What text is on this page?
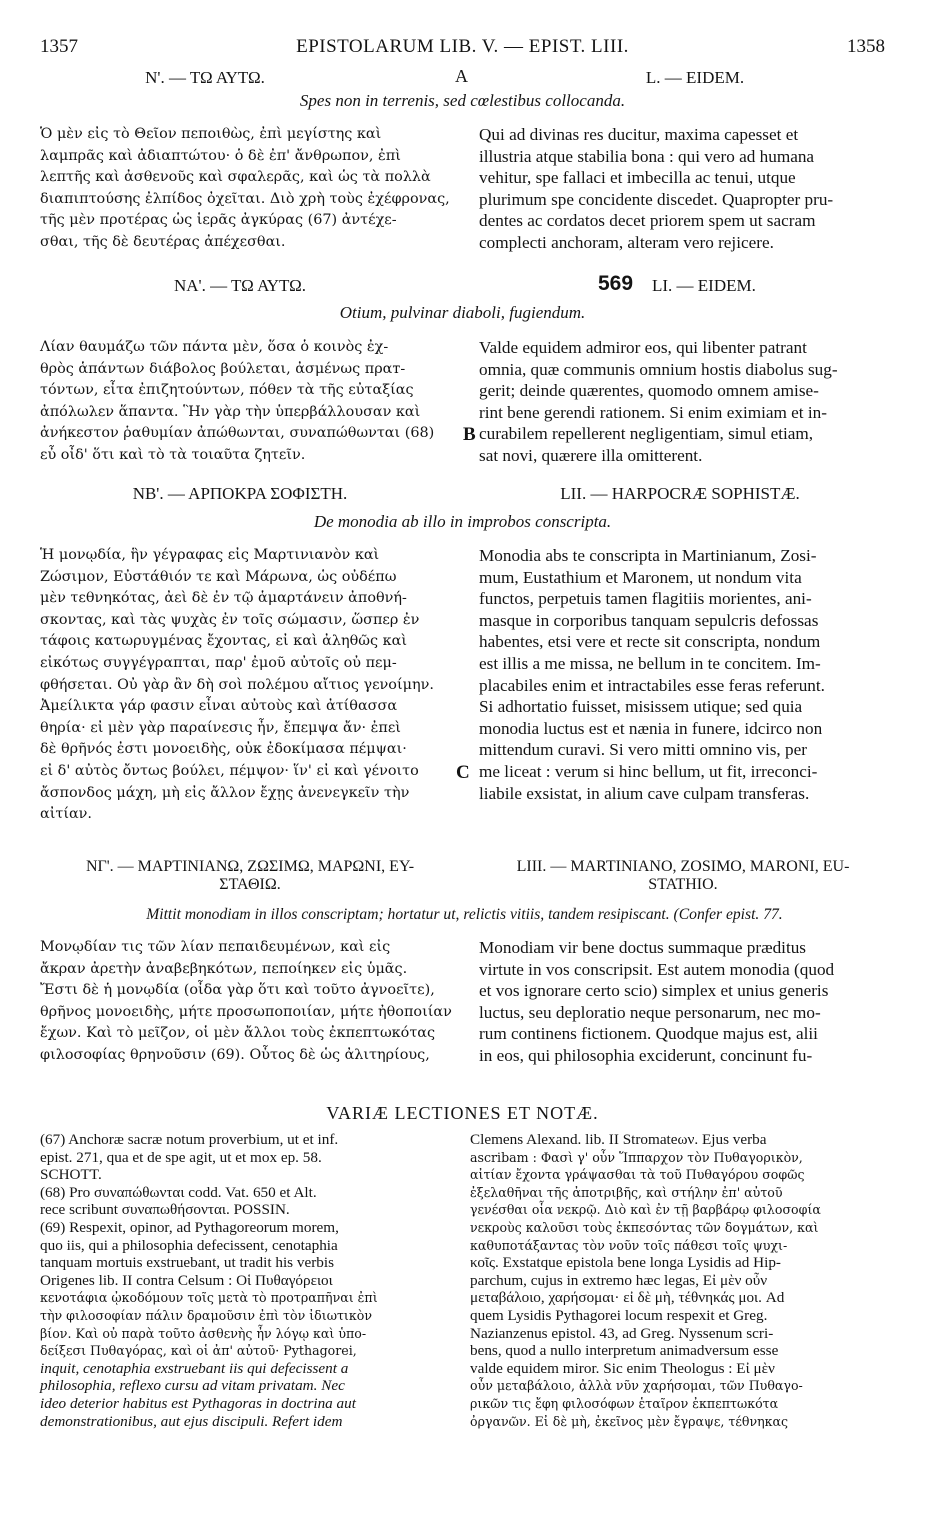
1357	EPISTOLARUM LIB. V. — EPIST. LIII.	1358
Ν'. — ΤΩ ΑΥΤΩ.	A	L. — EIDEM.
Spes non in terrenis, sed cœlestibus collocanda.
Ὁ μὲν εἰς τὸ Θεῖον πεποιθὼς, ἐπὶ μεγίστης καὶ
λαμπρᾶς καὶ ἀδιαπτώτου· ὁ δὲ ἐπ' ἄνθρωπον, ἐπὶ
λεπτῆς καὶ ἀσθενοῦς καὶ σφαλερᾶς, καὶ ὡς τὰ πολλὰ
διαπιπτούσης ἐλπίδος ὀχεῖται. Διὸ χρὴ τοὺς ἐχέφρονας,
τῆς μὲν προτέρας ὡς ἱερᾶς ἀγκύρας (67) ἀντέχε-
σθαι, τῆς δὲ δευτέρας ἀπέχεσθαι.
Qui ad divinas res ducitur, maxima capesset et
illustria atque stabilia bona : qui vero ad humana
vehitur, spe fallaci et imbecilla ac tenui, utque
plurimum spe concidente discedet. Quapropter pru-
dentes ac cordatos decet priorem spem ut sacram
complecti anchoram, alteram vero rejicere.
ΝΑ'. — ΤΩ ΑΥΤΩ.	569 LI. — EIDEM.
Otium, pulvinar diaboli, fugiendum.
Λίαν θαυμάζω τῶν πάντα μὲν, ὅσα ὁ κοινὸς ἐχ-
θρὸς ἁπάντων διάβολος βούλεται, ἀσμένως πραт-
τόντων, εἶτα ἐπιζητούντων, πόθεν τὰ τῆς εὐταξίας
ἀπόλωλεν ἅπαντα. Ἣν γὰρ τὴν ὑπερβάλλουσαν καὶ
ἀνήκεστον ῥαθυμίαν ἀπώθωνται, συναπώθωνται (68)
εὖ οἶδ' ὅτι καὶ τὸ τὰ τοιαῦτα ζητεῖν.
B
Valde equidem admiror eos, qui libenter patrant
omnia, quæ communis omnium hostis diabolus sug-
gerit; deinde quærentes, quomodo omnem amise-
rint bene gerendi rationem. Si enim eximiam et in-
curabilem repellerent negligentiam, simul etiam,
sat novi, quærere illa omitterent.
ΝΒ'. — ΑΡΠΟΚΡΑ ΣΟΦΙΣΤΗ.	LII. — HARPOCRÆ SOPHISTÆ.
De monodia ab illo in improbos conscripta.
Ἡ μονῳδία, ἣν γέγραφας εἰς Μαρτινιανὸν καὶ
Ζώσιμον, Εὐστάθιόν τε καὶ Μάρωνα, ὡς οὐδέπω
μὲν τεθνηκότας, ἀεὶ δὲ ἐν τῷ ἁμαρτάνειν ἀποθνή-
σκοντας, καὶ τὰς ψυχὰς ἐν τοῖς σώμασιν, ὥσπερ ἐν
τάφοις κατωρυγμένας ἔχοντας, εἰ καὶ ἀληθῶς καὶ
εἰκότως συγγέγραπται, παρ' ἐμοῦ αὐτοῖς οὐ πεμ-
φθήσεται. Οὐ γὰρ ἂν δὴ σοὶ πολέμου αἴτιος γενοίμην.
Ἀμείλικτα γάρ φασιν εἶναι αὐτοὺς καὶ ἀτίθασσα
θηρία· εἰ μὲν γὰρ παραίνεσις ἦν, ἔπεμψα ἄν· ἐπεὶ
δὲ θρῆνός ἐστι μονοειδὴς, οὐκ ἐδοκίμασα πέμψαι·
εἰ δ' αὐτὸς ὄντως βούλει, πέμψον· ἵν' εἰ καὶ γένοιτο
ἄσπονδος μάχη, μὴ εἰς ἄλλον ἔχῃς ἀνενεγκεῖν τὴν
αἰτίαν.
C
Monodia abs te conscripta in Martinianum, Zosi-
mum, Eustathium et Maronem, ut nondum vita
functos, perpetuis tamen flagitiis morientes, ani-
masque in corporibus tanquam sepulcris defossas
habentes, etsi vere et recte sit conscripta, nondum
est illis a me missa, ne bellum in te concitem. Im-
placabiles enim et intractabiles esse feras referunt.
Si adhortatio fuisset, misissem utique; sed quia
monodia luctus est et nænia in funere, idcirco non
mittendum curavi. Si vero mitti omnino vis, per
me liceat : verum si hinc bellum, ut fit, irreconci-
liabile exsistat, in alium cave culpam transferas.
ΝΓ'. — ΜΑΡΤΙΝΙΑΝΩ, ΖΩΣΙΜΩ, ΜΑΡΩΝΙ, ΕΥ-
ΣΤΑΘΙΩ.
LIII. — MARTINIANO, ZOSIMO, MARONI, EU-
STATHIO.
Mittit monodiam in illos conscriptam; hortatur ut, relictis vitiis, tandem resipiscant. (Confer epist. 77.
Μονῳδίαν τις τῶν λίαν πεπαιδευμένων, καὶ εἰς
ἄκραν ἀρετὴν ἀναβεβηκότων, πεποίηκεν εἰς ὑμᾶς.
Ἔστι δὲ ἡ μονῳδία (οἶδα γὰρ ὅτι καὶ τοῦτο ἀγνοεῖτε),
θρῆνος μονοειδὴς, μήτε προσωποποιίαν, μήτε ἠθοποιίαν
ἔχων. Καὶ τὸ μεῖζον, οἱ μὲν ἄλλοι τοὺς ἐκπεπτωκότας
φιλοσοφίας θρηνοῦσιν (69). Οὗτος δὲ ὡς ἀλιτηρίους,
Monodiam vir bene doctus summaque præditus
virtute in vos conscripsit. Est autem monodia (quod
et vos ignorare certo scio) simplex et unius generis
luctus, seu deploratio neque personarum, nec mo-
rum continens fictionem. Quodque majus est, alii
in eos, qui philosophia exciderunt, concinunt fu-
VARIÆ LECTIONES ET NOTÆ.
(67) Anchoræ sacræ notum proverbium, ut et inf.
epist. 271, qua et de spe agit, ut et mox ep. 58.
SCHOTT.
(68) Pro συναπώθωνται codd. Vat. 650 et Alt.
rece scribunt συναπωθήσονται. POSSIN.
(69) Respexit, opinor, ad Pythagoreorum morem,
quo iis, qui a philosophia defecissent, cenotaphia
tanquam mortuis exstruebant, ut tradit his verbis
Origenes lib. II contra Celsum : Οἱ Πυθαγόρειοι
κενοτάφια ᾠκοδόμουν τοῖς μετὰ τὸ προτραπῆναι ἐπὶ
τὴν φιλοσοφίαν πάλιν δραμοῦσιν ἐπὶ τὸν ἰδιωτικὸν
βίον. Καὶ οὐ παρὰ τοῦτο ἀσθενὴς ἦν λόγῳ καὶ ὑπο-
δείξεσι Πυθαγόρας, καὶ οἱ ἀπ' αὐτοῦ· Pythagorei,
inquit, cenotaphia exstruebant iis qui defecissent a
philosophia, reflexo cursu ad vitam privatam. Nec
ideo deterior habitus est Pythagoras in doctrina aut
demonstrationibus, aut ejus discipuli. Refert idem
Clemens Alexand. lib. II Stromateων. Ejus verba
ascribam : Φασὶ γ' οὖν Ἵππαρχον τὸν Πυθαγορικὸν,
αἰτίαν ἔχοντα γράψασθαι τὰ τοῦ Πυθαγόρου σοφῶς
ἐξελαθῆναι τῆς ἀποτριβῆς, καὶ στήλην ἐπ' αὐτοῦ
γενέσθαι οἷα νεκρῷ. Διὸ καὶ ἐν τῇ βαρβάρῳ φιλοσοφία
νεκροὺς καλοῦσι τοὺς ἐκπεσόντας τῶν δογμάτων, καὶ
καθυποτάξαντας τὸν νοῦν τοῖς πάθεσι τοῖς ψυχι-
κοῖς. Exstatque epistola bene longa Lysidis ad Hip-
parchum, cujus in extremo hæc legas, Εἰ μὲν οὖν
μεταβάλοιο, χαρήσομαι· εἰ δὲ μὴ, τέθνηκάς μοι. Ad
quem Lysidis Pythagorei locum respexit et Greg.
Nazianzenus epistol. 43, ad Greg. Nyssenum scri-
bens, quod a nullo interpretum animadversum esse
valde equidem miror. Sic enim Theologus : Εἰ μὲν
οὖν μεταβάλοιο, ἀλλὰ νῦν χαρήσομαι, τῶν Πυθαγο-
ρικῶν τις ἔφη φιλοσόφων ἑταῖρον ἐκπεπτωκότα
ὀργανῶν. Εἰ δὲ μὴ, ἐκεῖνος μὲν ἔγραψε, τέθνηκας
